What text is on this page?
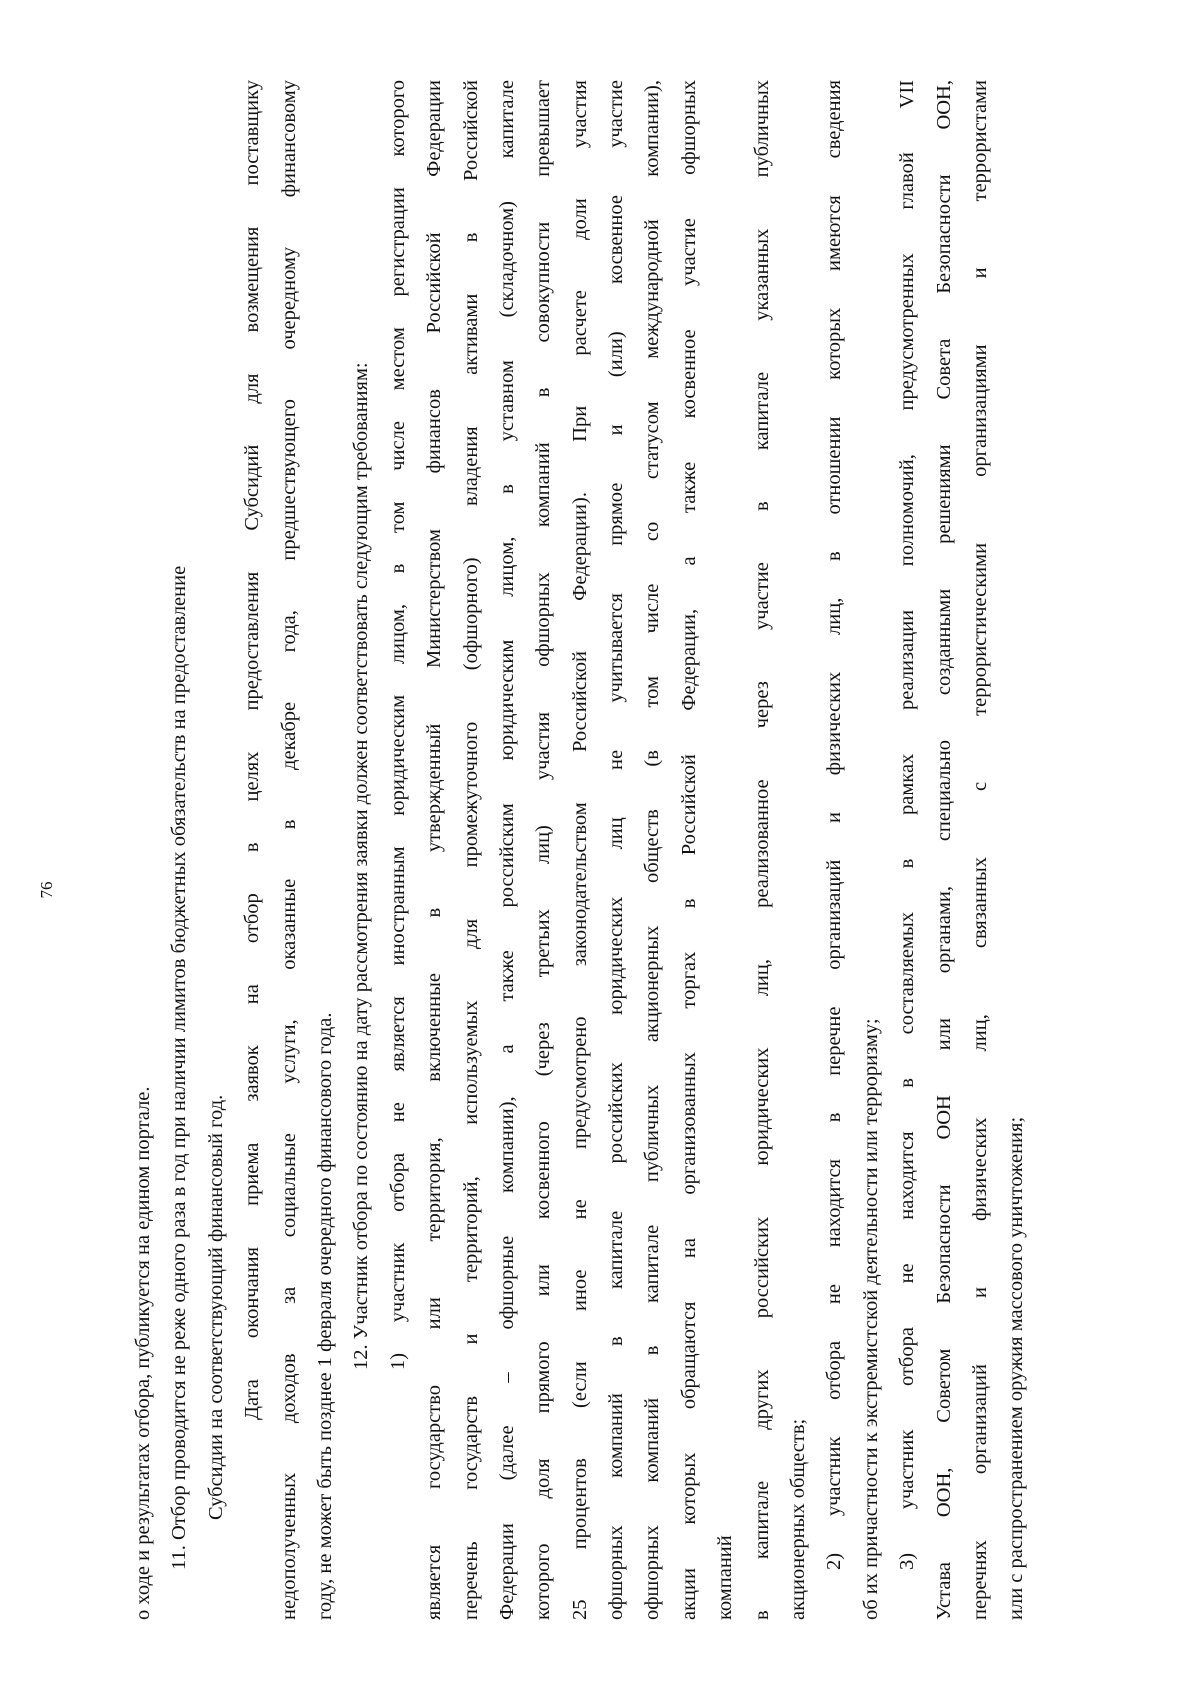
76
о ходе и результатах отбора, публикуется на едином портале. 11. Отбор проводится не реже одного раза в год при наличии лимитов бюджетных обязательств на предоставление Субсидии на соответствующий финансовый год. Дата окончания приема заявок на отбор в целях предоставления Субсидий для возмещения поставщику недополученных доходов за социальные услуги, оказанные в декабре года, предшествующего очередному финансовому году, не может быть позднее 1 февраля очередного финансового года. 12. Участник отбора по состоянию на дату рассмотрения заявки должен соответствовать следующим требованиям: 1) участник отбора не является иностранным юридическим лицом, в том числе местом регистрации которого является государство или территория, включенные в утвержденный Министерством финансов Российской Федерации перечень государств и территорий, используемых для промежуточного (офшорного) владения активами в Российской Федерации (далее – офшорные компании), а также российским юридическим лицом, в уставном (складочном) капитале которого доля прямого или косвенного (через третьих лиц) участия офшорных компаний в совокупности превышает 25 процентов (если иное не предусмотрено законодательством Российской Федерации). При расчете доли участия офшорных компаний в капитале российских юридических лиц не учитывается прямое и (или) косвенное участие офшорных компаний в капитале публичных акционерных обществ (в том числе со статусом международной компании), акции которых обращаются на организованных торгах в Российской Федерации, а также косвенное участие офшорных компаний в капитале других российских юридических лиц, реализованное через участие в капитале указанных публичных акционерных обществ; 2) участник отбора не находится в перечне организаций и физических лиц, в отношении которых имеются сведения об их причастности к экстремистской деятельности или терроризму; 3) участник отбора не находится в составляемых в рамках реализации полномочий, предусмотренных главой VII Устава ООН, Советом Безопасности ООН или органами, специально созданными решениями Совета Безопасности ООН, перечнях организаций и физических лиц, связанных с террористическими организациями и террористами или с распространением оружия массового уничтожения;
